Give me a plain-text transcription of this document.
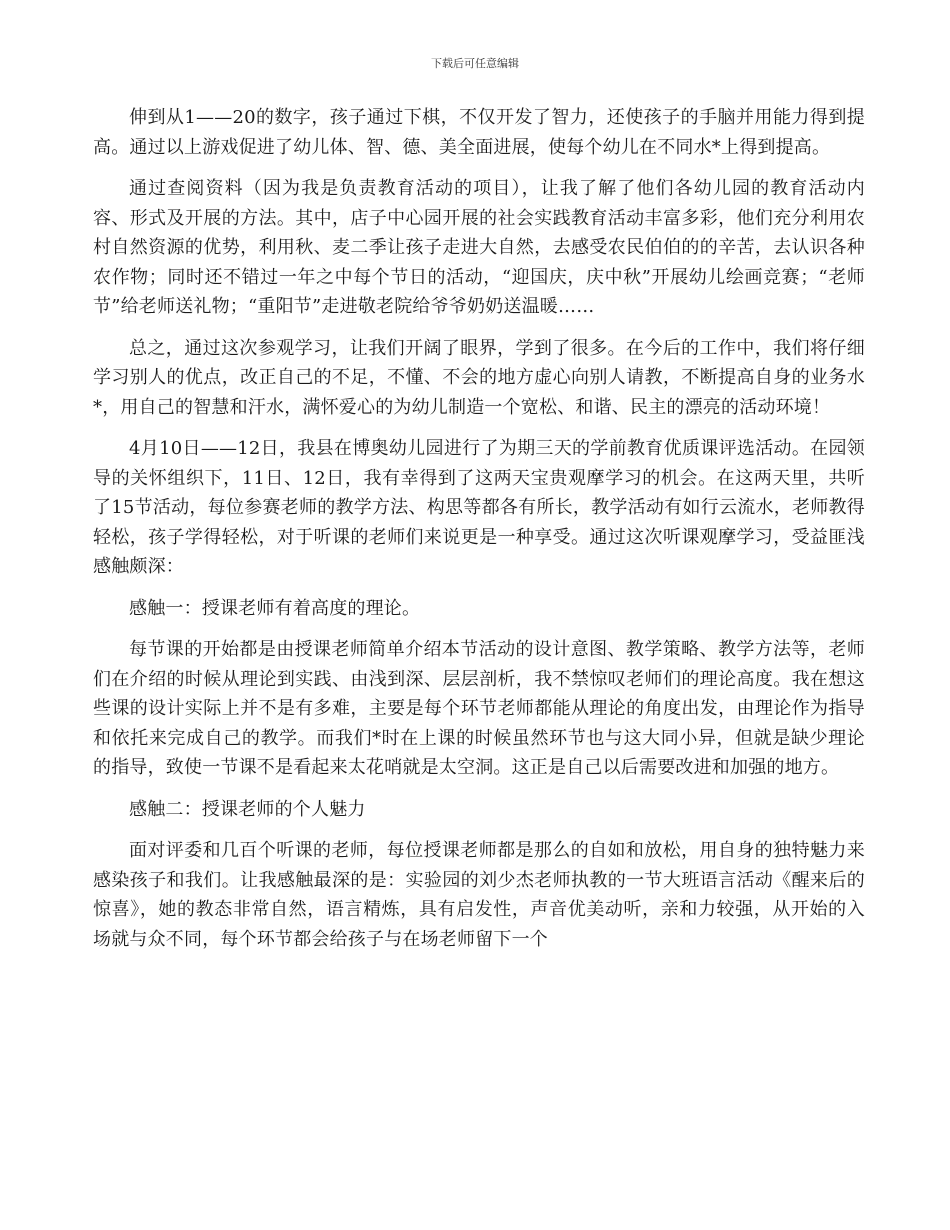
下载后可任意编辑

伸到从1——20的数字，孩子通过下棋，不仅开发了智力，还使孩子的手脑并用能力得到提高。通过以上游戏促进了幼儿体、智、德、美全面进展，使每个幼儿在不同水*上得到提高。

通过查阅资料（因为我是负责教育活动的项目），让我了解了他们各幼儿园的教育活动内容、形式及开展的方法。其中，店子中心园开展的社会实践教育活动丰富多彩，他们充分利用农村自然资源的优势，利用秋、麦二季让孩子走进大自然，去感受农民伯伯的的辛苦，去认识各种农作物；同时还不错过一年之中每个节日的活动，“迎国庆，庆中秋”开展幼儿绘画竞赛；“老师节”给老师送礼物；“重阳节”走进敬老院给爷爷奶奶送温暖……

总之，通过这次参观学习，让我们开阔了眼界，学到了很多。在今后的工作中，我们将仔细学习别人的优点，改正自己的不足，不懂、不会的地方虚心向别人请教，不断提高自身的业务水*，用自己的智慧和汗水，满怀爱心的为幼儿制造一个宽松、和谐、民主的漂亮的活动环境！

4月10日——12日，我县在博奥幼儿园进行了为期三天的学前教育优质课评选活动。在园领导的关怀组织下，11日、12日，我有幸得到了这两天宝贵观摩学习的机会。在这两天里，共听了15节活动，每位参赛老师的教学方法、构思等都各有所长，教学活动有如行云流水，老师教得轻松，孩子学得轻松，对于听课的老师们来说更是一种享受。通过这次听课观摩学习，受益匪浅感触颇深：

感触一：授课老师有着高度的理论。

每节课的开始都是由授课老师简单介绍本节活动的设计意图、教学策略、教学方法等，老师们在介绍的时候从理论到实践、由浅到深、层层剖析，我不禁惊叹老师们的理论高度。我在想这些课的设计实际上并不是有多难，主要是每个环节老师都能从理论的角度出发，由理论作为指导和依托来完成自己的教学。而我们*时在上课的时候虽然环节也与这大同小异，但就是缺少理论的指导，致使一节课不是看起来太花哨就是太空洞。这正是自己以后需要改进和加强的地方。

感触二：授课老师的个人魅力

面对评委和几百个听课的老师，每位授课老师都是那么的自如和放松，用自身的独特魅力来感染孩子和我们。让我感触最深的是：实验园的刘少杰老师执教的一节大班语言活动《醒来后的惊喜》，她的教态非常自然，语言精炼，具有启发性，声音优美动听，亲和力较强，从开始的入场就与众不同，每个环节都会给孩子与在场老师留下一个
